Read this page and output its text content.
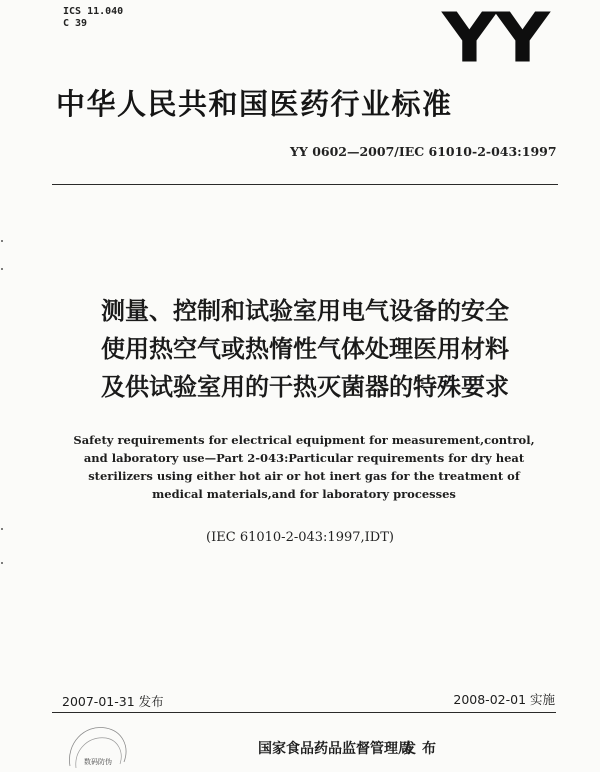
ICS 11.040
C 39	YY
中华人民共和国医药行业标准
YY 0602—2007/IEC 61010-2-043:1997
测量、控制和试验室用电气设备的安全
使用热空气或热惰性气体处理医用材料
及供试验室用的干热灭菌器的特殊要求
Safety requirements for electrical equipment for measurement,control,
and laboratory use—Part 2-043:Particular requirements for dry heat
sterilizers using either hot air or hot inert gas for the treatment of
medical materials,and for laboratory processes
(IEC 61010-2-043:1997,IDT)
2007-01-31 发布	2008-02-01 实施
数码防伪
国家食品药品监督管理局
发布
